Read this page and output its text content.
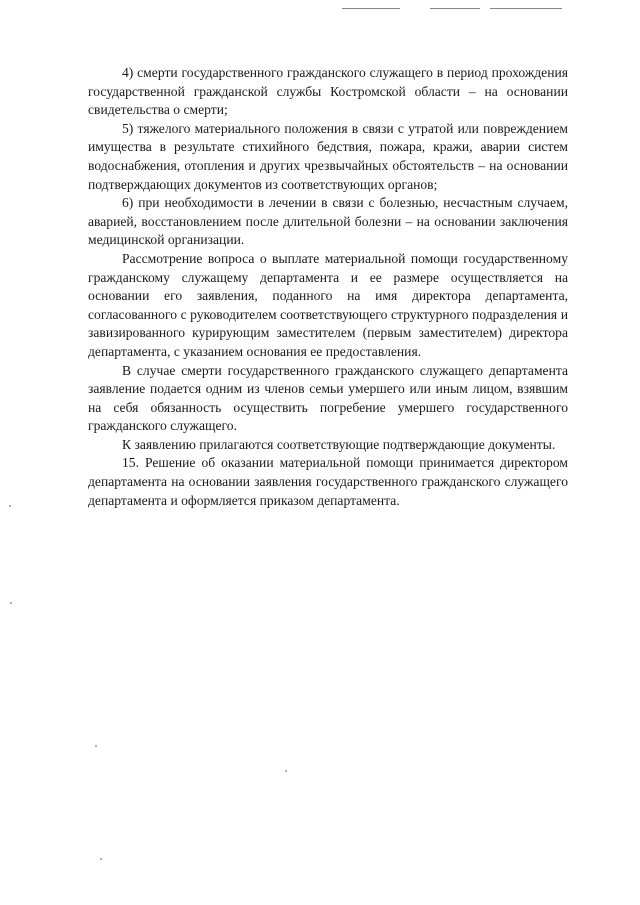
4) смерти государственного гражданского служащего в период прохождения государственной гражданской службы Костромской области – на основании свидетельства о смерти;

5) тяжелого материального положения в связи с утратой или повреждением имущества в результате стихийного бедствия, пожара, кражи, аварии систем водоснабжения, отопления и других чрезвычайных обстоятельств – на основании подтверждающих документов из соответствующих органов;

6) при необходимости в лечении в связи с болезнью, несчастным случаем, аварией, восстановлением после длительной болезни – на основании заключения медицинской организации.

Рассмотрение вопроса о выплате материальной помощи государственному гражданскому служащему департамента и ее размере осуществляется на основании его заявления, поданного на имя директора департамента, согласованного с руководителем соответствующего структурного подразделения и завизированного курирующим заместителем (первым заместителем) директора департамента, с указанием основания ее предоставления.

В случае смерти государственного гражданского служащего департамента заявление подается одним из членов семьи умершего или иным лицом, взявшим на себя обязанность осуществить погребение умершего государственного гражданского служащего.

К заявлению прилагаются соответствующие подтверждающие документы.

15. Решение об оказании материальной помощи принимается директором департамента на основании заявления государственного гражданского служащего департамента и оформляется приказом департамента.
